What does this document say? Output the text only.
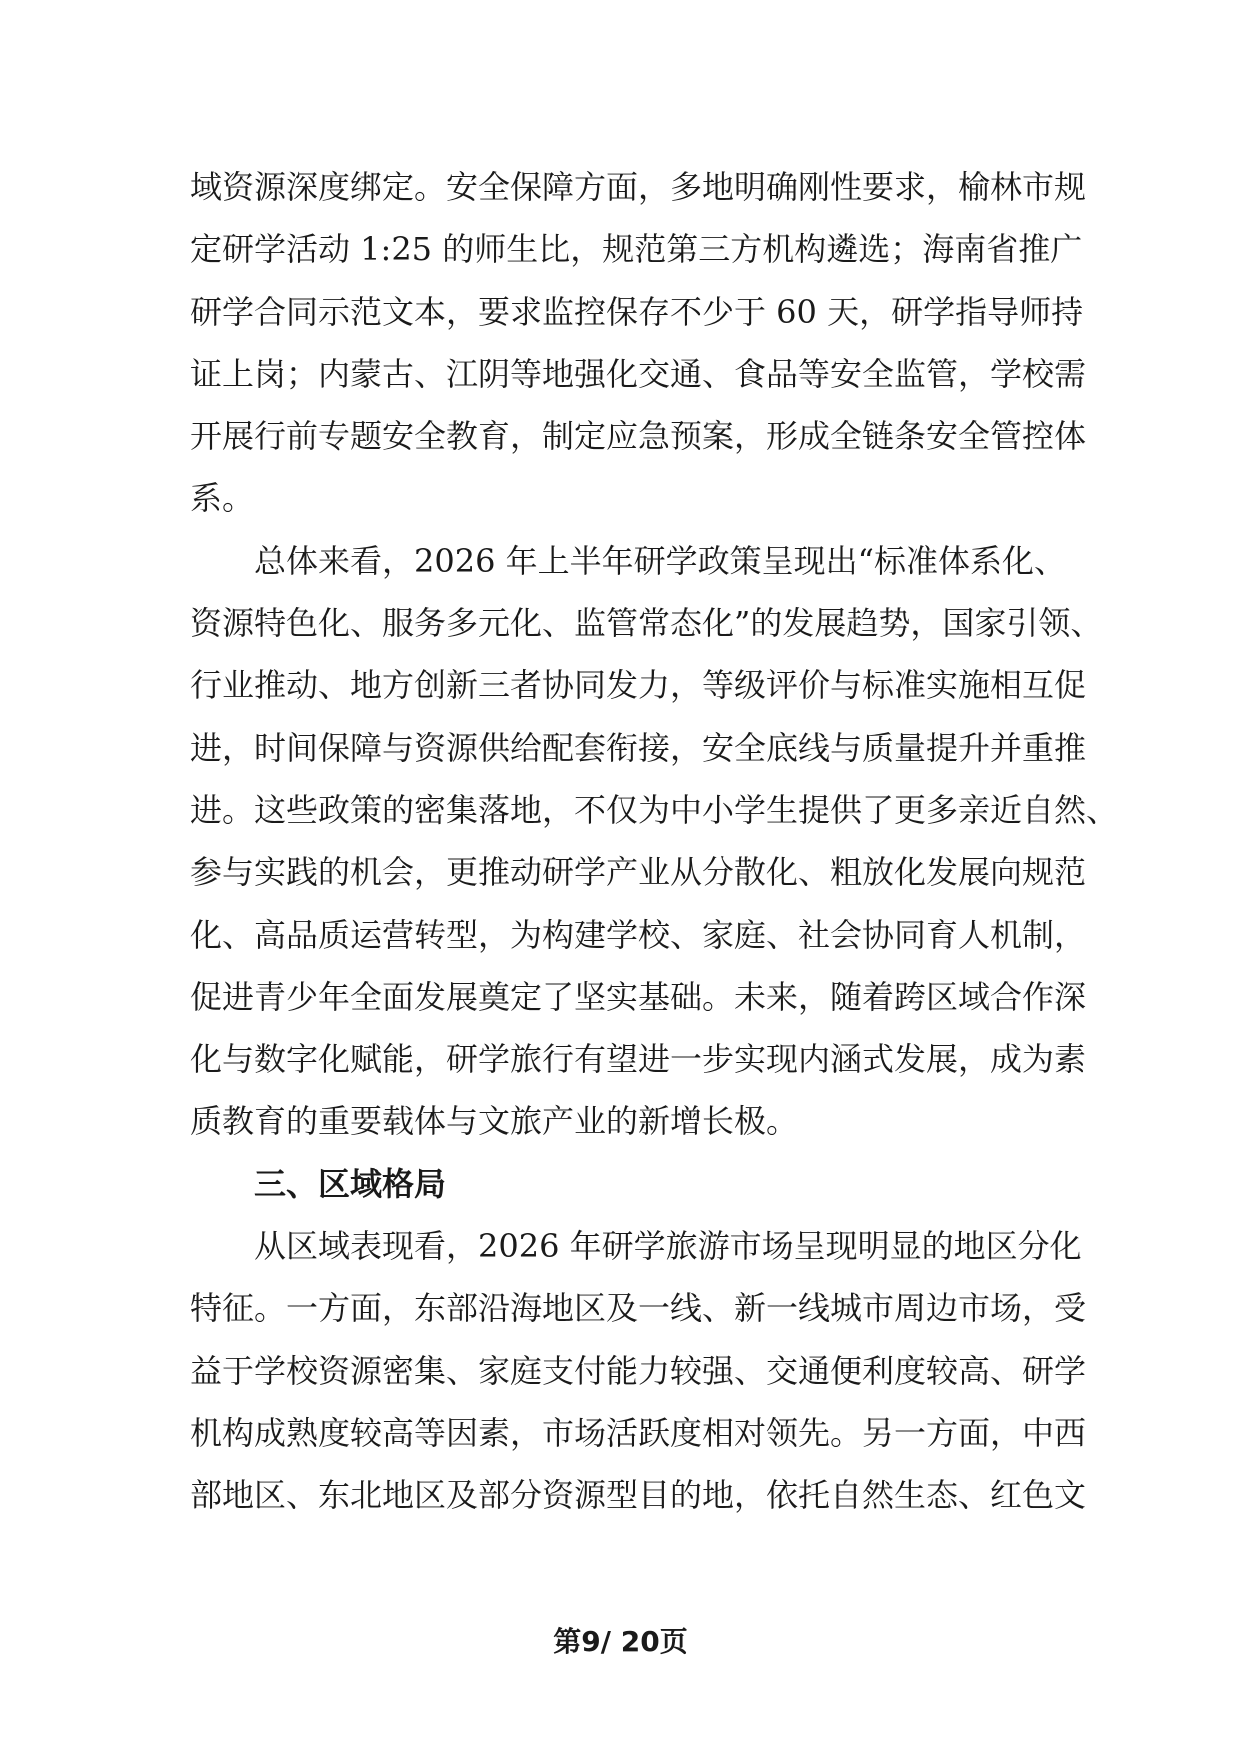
域资源深度绑定。安全保障方面，多地明确刚性要求，榆林市规
定研学活动 1:25 的师生比，规范第三方机构遴选；海南省推广
研学合同示范文本，要求监控保存不少于 60 天，研学指导师持
证上岗；内蒙古、江阴等地强化交通、食品等安全监管，学校需
开展行前专题安全教育，制定应急预案，形成全链条安全管控体
系。
总体来看，2026 年上半年研学政策呈现出“标准体系化、
资源特色化、服务多元化、监管常态化”的发展趋势，国家引领、
行业推动、地方创新三者协同发力，等级评价与标准实施相互促
进，时间保障与资源供给配套衔接，安全底线与质量提升并重推
进。这些政策的密集落地，不仅为中小学生提供了更多亲近自然、
参与实践的机会，更推动研学产业从分散化、粗放化发展向规范
化、高品质运营转型，为构建学校、家庭、社会协同育人机制，
促进青少年全面发展奠定了坚实基础。未来，随着跨区域合作深
化与数字化赋能，研学旅行有望进一步实现内涵式发展，成为素
质教育的重要载体与文旅产业的新增长极。
三、区域格局
从区域表现看，2026 年研学旅游市场呈现明显的地区分化
特征。一方面，东部沿海地区及一线、新一线城市周边市场，受
益于学校资源密集、家庭支付能力较强、交通便利度较高、研学
机构成熟度较高等因素，市场活跃度相对领先。另一方面，中西
部地区、东北地区及部分资源型目的地，依托自然生态、红色文
第9/ 20页
